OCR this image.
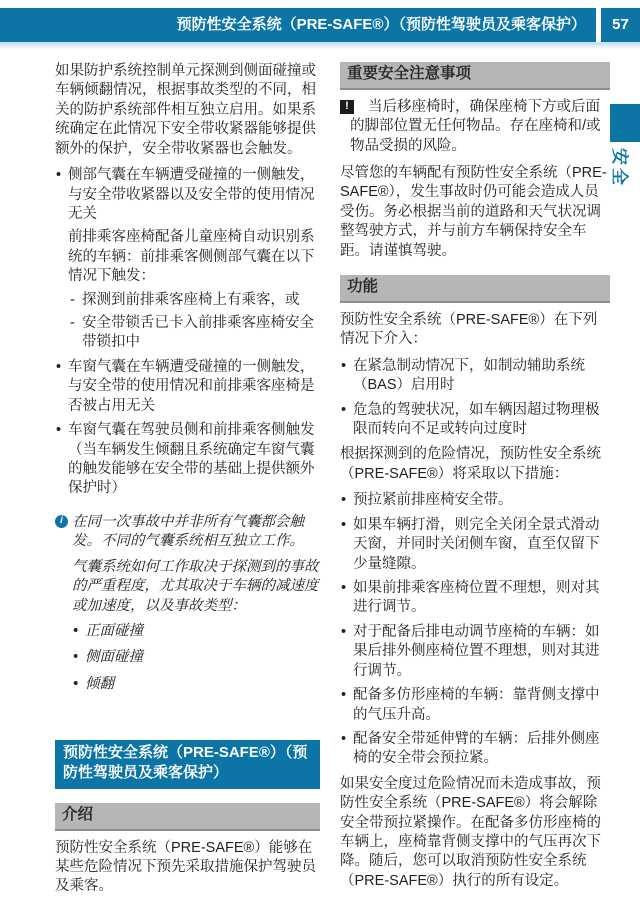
预防性安全系统（PRE-SAFE®）（预防性驾驶员及乘客保护）	57
安全

如果防护系统控制单元探测到侧面碰撞或车辆倾翻情况，根据事故类型的不同，相关的防护系统部件相互独立启用。如果系统确定在此情况下安全带收紧器能够提供额外的保护，安全带收紧器也会触发。

• 侧部气囊在车辆遭受碰撞的一侧触发，与安全带收紧器以及安全带的使用情况无关

前排乘客座椅配备儿童座椅自动识别系统的车辆：前排乘客侧侧部气囊在以下情况下触发：

- 探测到前排乘客座椅上有乘客，或
- 安全带锁舌已卡入前排乘客座椅安全带锁扣中
• 车窗气囊在车辆遭受碰撞的一侧触发，与安全带的使用情况和前排乘客座椅是否被占用无关
• 车窗气囊在驾驶员侧和前排乘客侧触发（当车辆发生倾翻且系统确定车窗气囊的触发能够在安全带的基础上提供额外保护时）
i 在同一次事故中并非所有气囊都会触发。不同的气囊系统相互独立工作。

气囊系统如何工作取决于探测到的事故的严重程度，尤其取决于车辆的减速度或加速度，以及事故类型：

• 正面碰撞
• 侧面碰撞
• 倾翻
预防性安全系统（PRE-SAFE®）（预防性驾驶员及乘客保护）
介绍

预防性安全系统（PRE-SAFE®）能够在某些危险情况下预先采取措施保护驾驶员及乘客。

重要安全注意事项

!	当后移座椅时，确保座椅下方或后面的脚部位置无任何物品。存在座椅和/或物品受损的风险。

尽管您的车辆配有预防性安全系统（PRE-SAFE®），发生事故时仍可能会造成人员受伤。务必根据当前的道路和天气状况调整驾驶方式，并与前方车辆保持安全车距。请谨慎驾驶。

功能

预防性安全系统（PRE-SAFE®）在下列情况下介入：

• 在紧急制动情况下，如制动辅助系统（BAS）启用时
• 危急的驾驶状况，如车辆因超过物理极限而转向不足或转向过度时

根据探测到的危险情况，预防性安全系统（PRE-SAFE®）将采取以下措施：

• 预拉紧前排座椅安全带。
• 如果车辆打滑，则完全关闭全景式滑动天窗，并同时关闭侧车窗，直至仅留下少量缝隙。
• 如果前排乘客座椅位置不理想，则对其进行调节。
• 对于配备后排电动调节座椅的车辆：如果后排外侧座椅位置不理想，则对其进行调节。
• 配备多仿形座椅的车辆：靠背侧支撑中的气压升高。
• 配备安全带延伸臂的车辆：后排外侧座椅的安全带会预拉紧。

如果安全度过危险情况而未造成事故，预防性安全系统（PRE-SAFE®）将会解除安全带预拉紧操作。在配备多仿形座椅的车辆上，座椅靠背侧支撑中的气压再次下降。随后，您可以取消预防性安全系统（PRE-SAFE®）执行的所有设定。
